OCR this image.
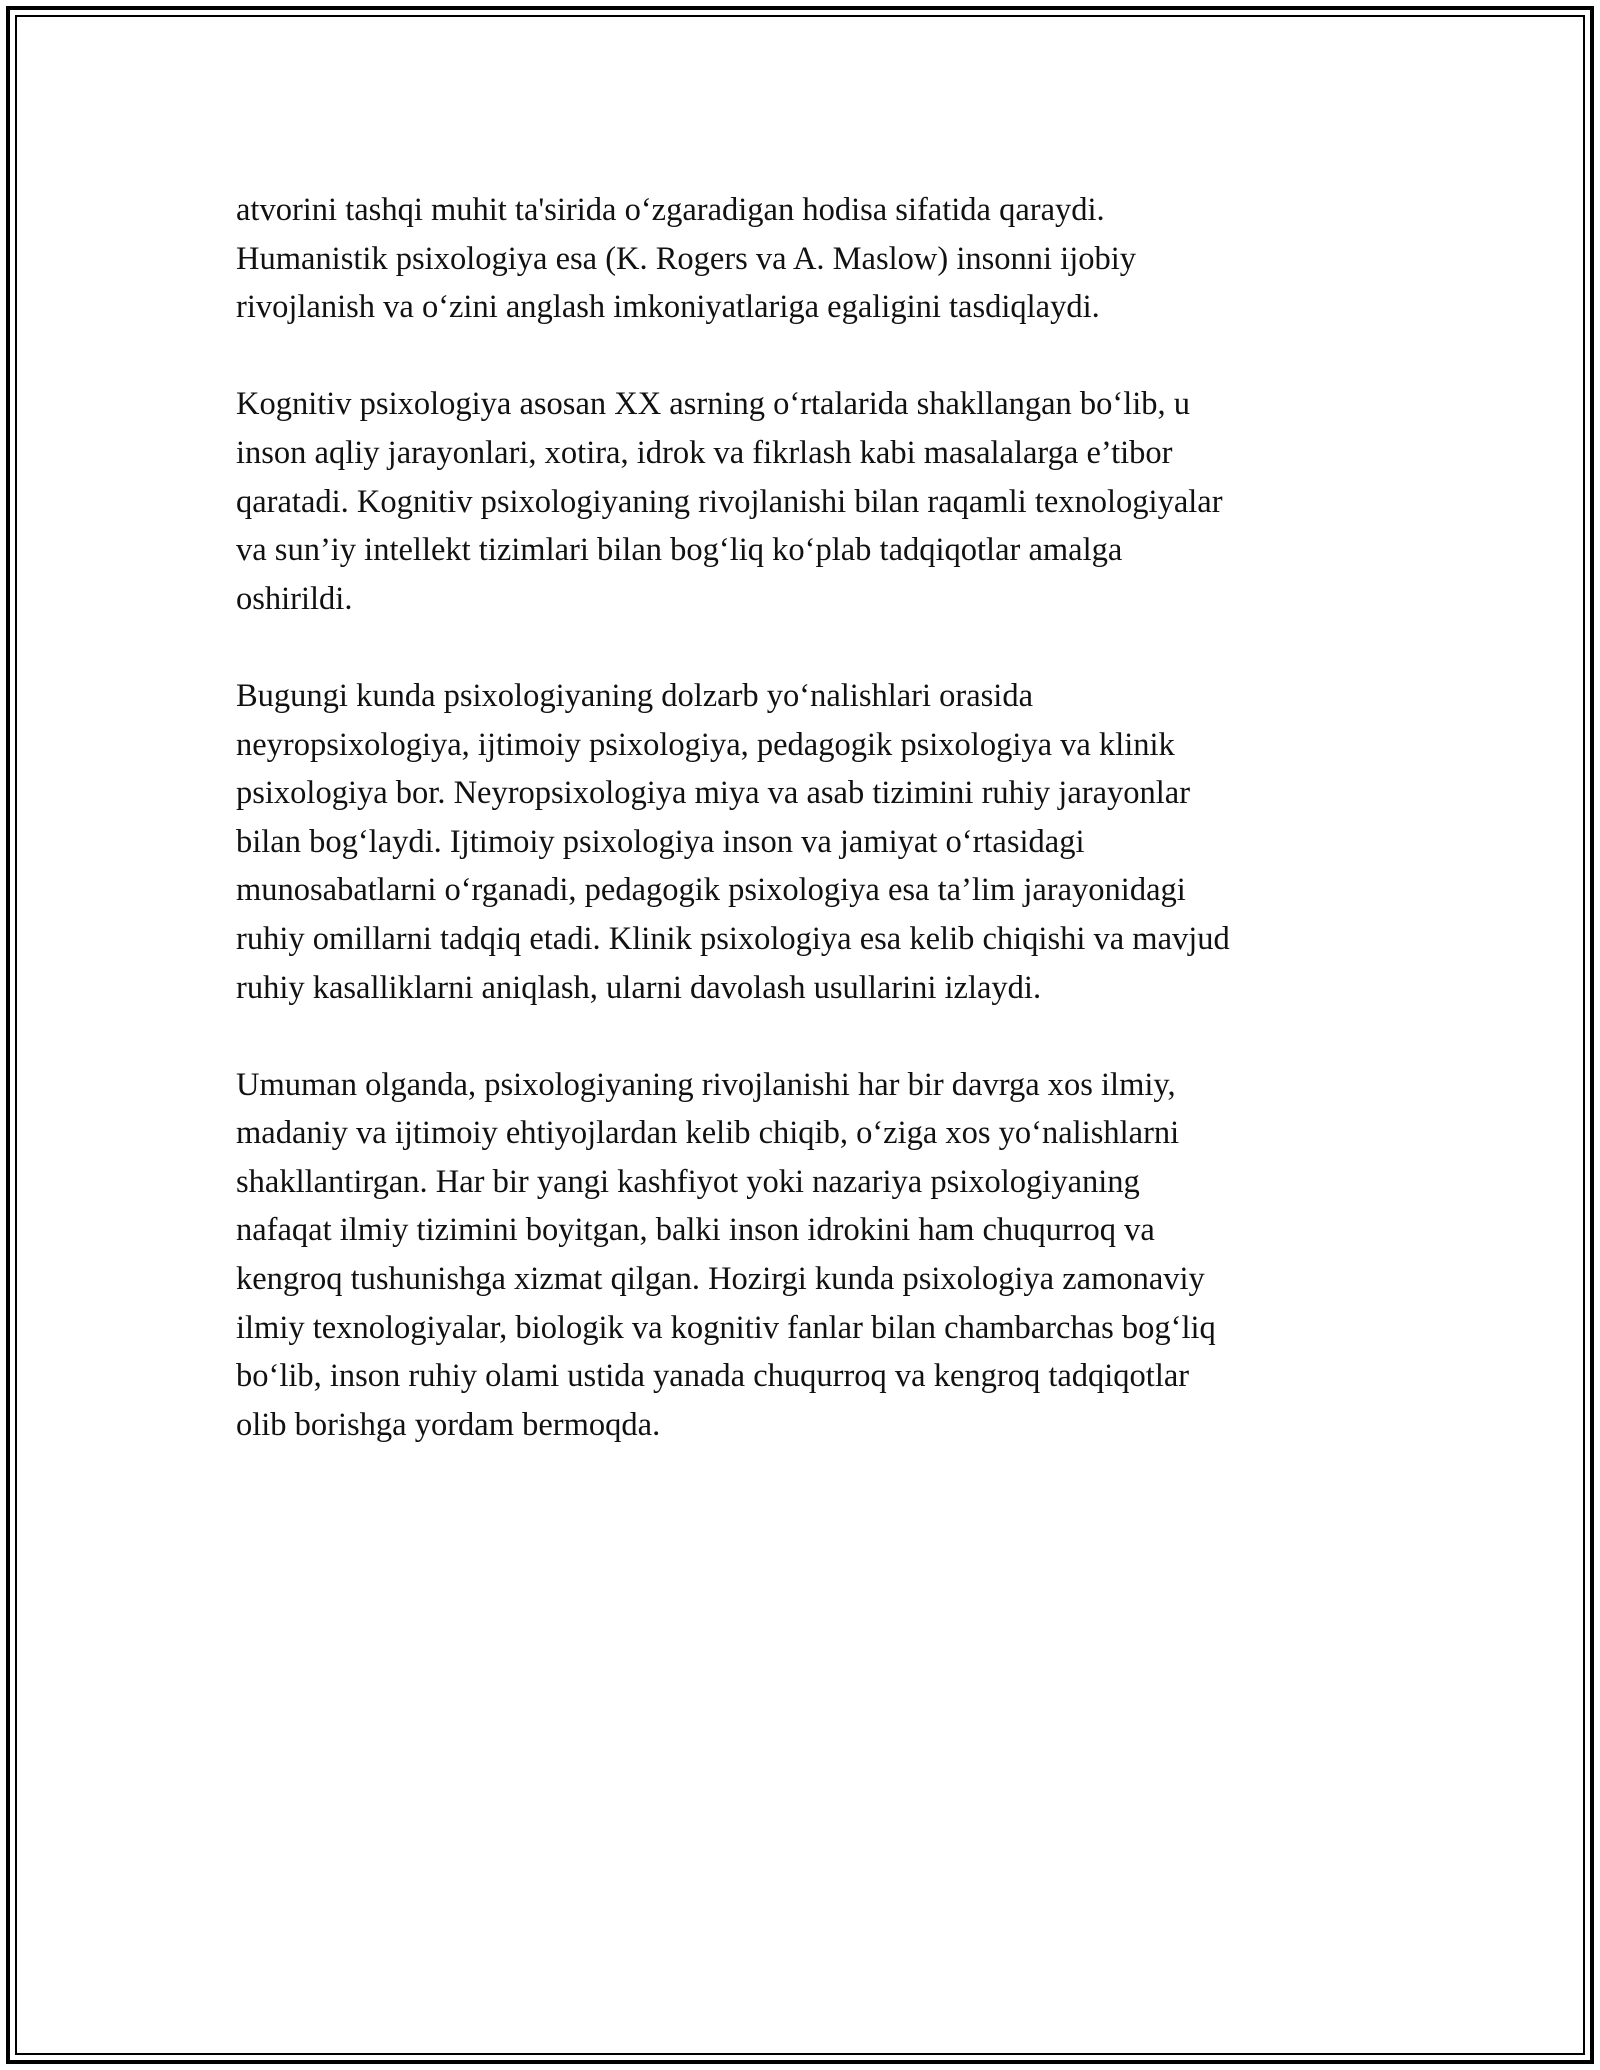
atvorini tashqi muhit ta'sirida o‘zgaradigan hodisa sifatida qaraydi.
Humanistik psixologiya esa (K. Rogers va A. Maslow) insonni ijobiy
rivojlanish va o‘zini anglash imkoniyatlariga egaligini tasdiqlaydi.
Kognitiv psixologiya asosan XX asrning o‘rtalarida shakllangan bo‘lib, u
inson aqliy jarayonlari, xotira, idrok va fikrlash kabi masalalarga e’tibor
qaratadi. Kognitiv psixologiyaning rivojlanishi bilan raqamli texnologiyalar
va sun’iy intellekt tizimlari bilan bog‘liq ko‘plab tadqiqotlar amalga
oshirildi.
Bugungi kunda psixologiyaning dolzarb yo‘nalishlari orasida
neyropsixologiya, ijtimoiy psixologiya, pedagogik psixologiya va klinik
psixologiya bor. Neyropsixologiya miya va asab tizimini ruhiy jarayonlar
bilan bog‘laydi. Ijtimoiy psixologiya inson va jamiyat o‘rtasidagi
munosabatlarni o‘rganadi, pedagogik psixologiya esa ta’lim jarayonidagi
ruhiy omillarni tadqiq etadi. Klinik psixologiya esa kelib chiqishi va mavjud
ruhiy kasalliklarni aniqlash, ularni davolash usullarini izlaydi.
Umuman olganda, psixologiyaning rivojlanishi har bir davrga xos ilmiy,
madaniy va ijtimoiy ehtiyojlardan kelib chiqib, o‘ziga xos yo‘nalishlarni
shakllantirgan. Har bir yangi kashfiyot yoki nazariya psixologiyaning
nafaqat ilmiy tizimini boyitgan, balki inson idrokini ham chuqurroq va
kengroq tushunishga xizmat qilgan. Hozirgi kunda psixologiya zamonaviy
ilmiy texnologiyalar, biologik va kognitiv fanlar bilan chambarchas bog‘liq
bo‘lib, inson ruhiy olami ustida yanada chuqurroq va kengroq tadqiqotlar
olib borishga yordam bermoqda.
